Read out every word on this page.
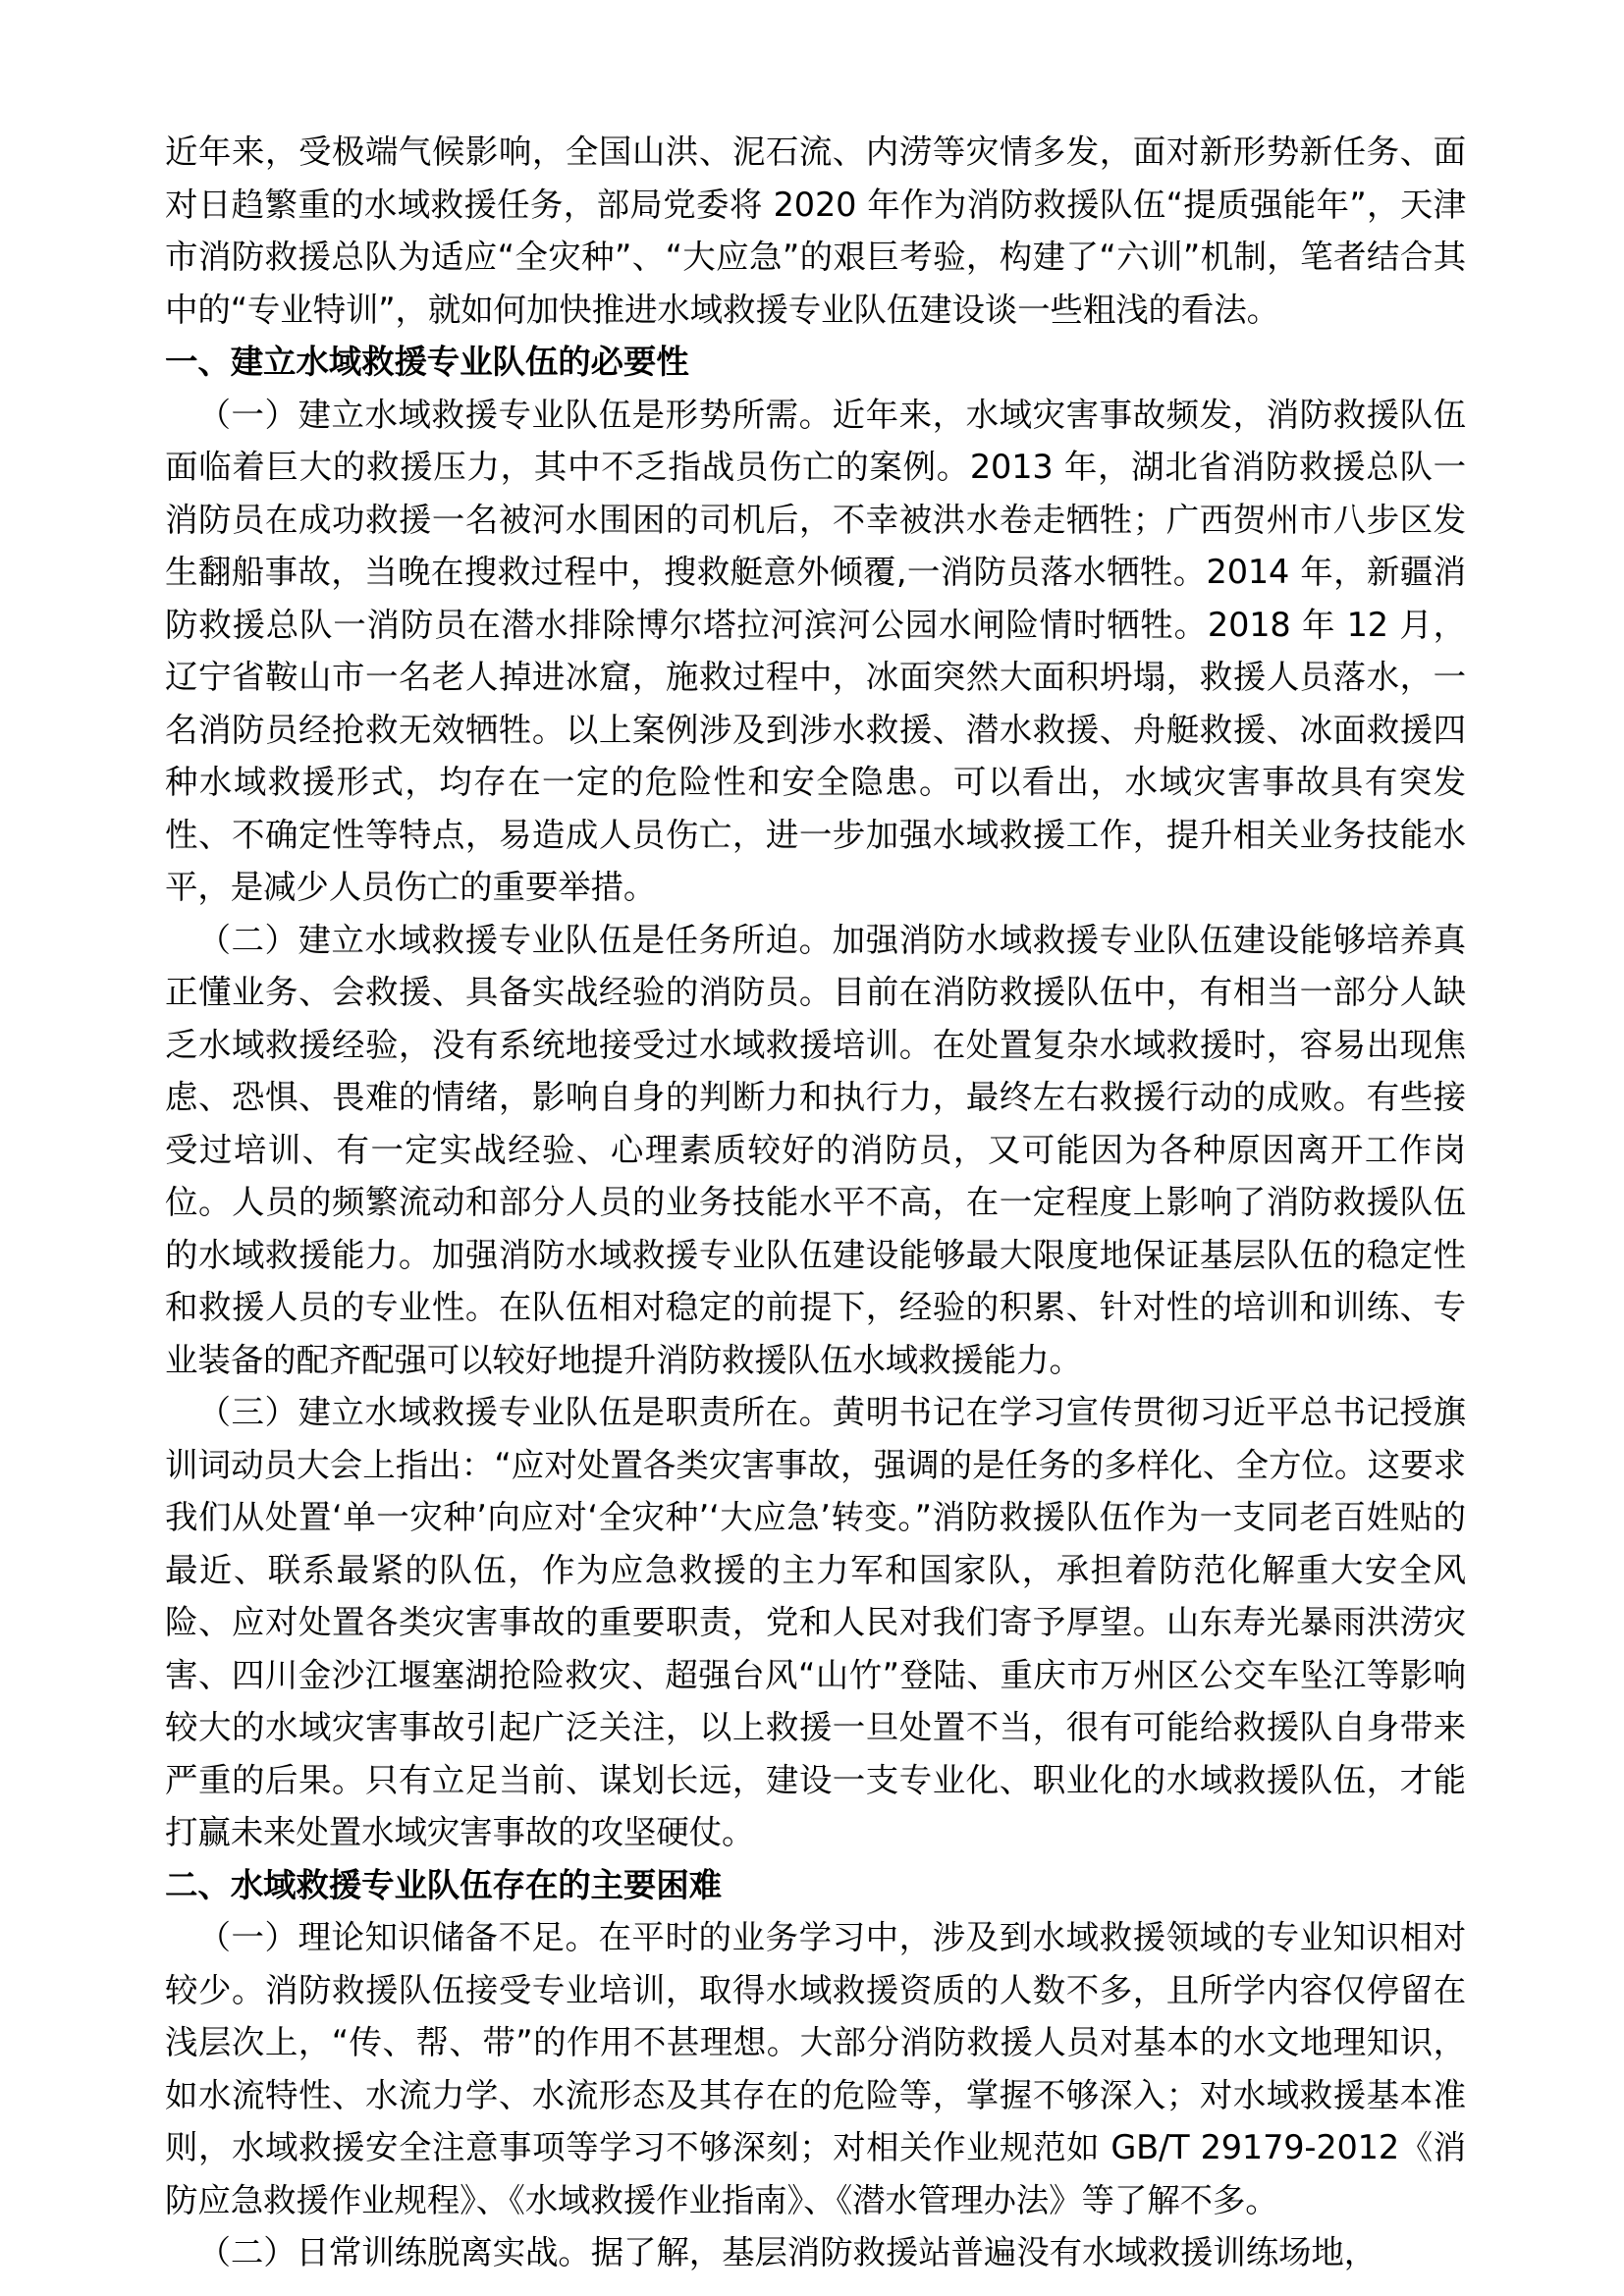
近年来，受极端气候影响，全国山洪、泥石流、内涝等灾情多发，面对新形势新任务、面对日趋繁重的水域救援任务，部局党委将 2020 年作为消防救援队伍“提质强能年”，天津市消防救援总队为适应“全灾种”、“大应急”的艰巨考验，构建了“六训”机制，笔者结合其中的“专业特训”，就如何加快推进水域救援专业队伍建设谈一些粗浅的看法。

一、建立水域救援专业队伍的必要性

（一）建立水域救援专业队伍是形势所需。近年来，水域灾害事故频发，消防救援队伍面临着巨大的救援压力，其中不乏指战员伤亡的案例。2013 年，湖北省消防救援总队一消防员在成功救援一名被河水围困的司机后，不幸被洪水卷走牺牲；广西贺州市八步区发生翻船事故，当晚在搜救过程中，搜救艇意外倾覆,一消防员落水牺牲。2014 年，新疆消防救援总队一消防员在潜水排除博尔塔拉河滨河公园水闸险情时牺牲。2018 年 12 月，辽宁省鞍山市一名老人掉进冰窟，施救过程中，冰面突然大面积坍塌，救援人员落水，一名消防员经抢救无效牺牲。以上案例涉及到涉水救援、潜水救援、舟艇救援、冰面救援四种水域救援形式，均存在一定的危险性和安全隐患。可以看出，水域灾害事故具有突发性、不确定性等特点，易造成人员伤亡，进一步加强水域救援工作，提升相关业务技能水平，是减少人员伤亡的重要举措。

（二）建立水域救援专业队伍是任务所迫。加强消防水域救援专业队伍建设能够培养真正懂业务、会救援、具备实战经验的消防员。目前在消防救援队伍中，有相当一部分人缺乏水域救援经验，没有系统地接受过水域救援培训。在处置复杂水域救援时，容易出现焦虑、恐惧、畏难的情绪，影响自身的判断力和执行力，最终左右救援行动的成败。有些接受过培训、有一定实战经验、心理素质较好的消防员，又可能因为各种原因离开工作岗位。人员的频繁流动和部分人员的业务技能水平不高，在一定程度上影响了消防救援队伍的水域救援能力。加强消防水域救援专业队伍建设能够最大限度地保证基层队伍的稳定性和救援人员的专业性。在队伍相对稳定的前提下，经验的积累、针对性的培训和训练、专业装备的配齐配强可以较好地提升消防救援队伍水域救援能力。

（三）建立水域救援专业队伍是职责所在。黄明书记在学习宣传贯彻习近平总书记授旗训词动员大会上指出：“应对处置各类灾害事故，强调的是任务的多样化、全方位。这要求我们从处置‘单一灾种’向应对‘全灾种’‘大应急’转变。”消防救援队伍作为一支同老百姓贴的最近、联系最紧的队伍，作为应急救援的主力军和国家队，承担着防范化解重大安全风险、应对处置各类灾害事故的重要职责，党和人民对我们寄予厚望。山东寿光暴雨洪涝灾害、四川金沙江堰塞湖抢险救灾、超强台风“山竹”登陆、重庆市万州区公交车坠江等影响较大的水域灾害事故引起广泛关注，以上救援一旦处置不当，很有可能给救援队自身带来严重的后果。只有立足当前、谋划长远，建设一支专业化、职业化的水域救援队伍，才能打赢未来处置水域灾害事故的攻坚硬仗。

二、水域救援专业队伍存在的主要困难

（一）理论知识储备不足。在平时的业务学习中，涉及到水域救援领域的专业知识相对较少。消防救援队伍接受专业培训，取得水域救援资质的人数不多，且所学内容仅停留在浅层次上，“传、帮、带”的作用不甚理想。大部分消防救援人员对基本的水文地理知识，如水流特性、水流力学、水流形态及其存在的危险等，掌握不够深入；对水域救援基本准则，水域救援安全注意事项等学习不够深刻；对相关作业规范如 GB/T 29179-2012《消防应急救援作业规程》、《水域救援作业指南》、《潜水管理办法》等了解不多。

（二）日常训练脱离实战。据了解，基层消防救援站普遍没有水域救援训练场地，
